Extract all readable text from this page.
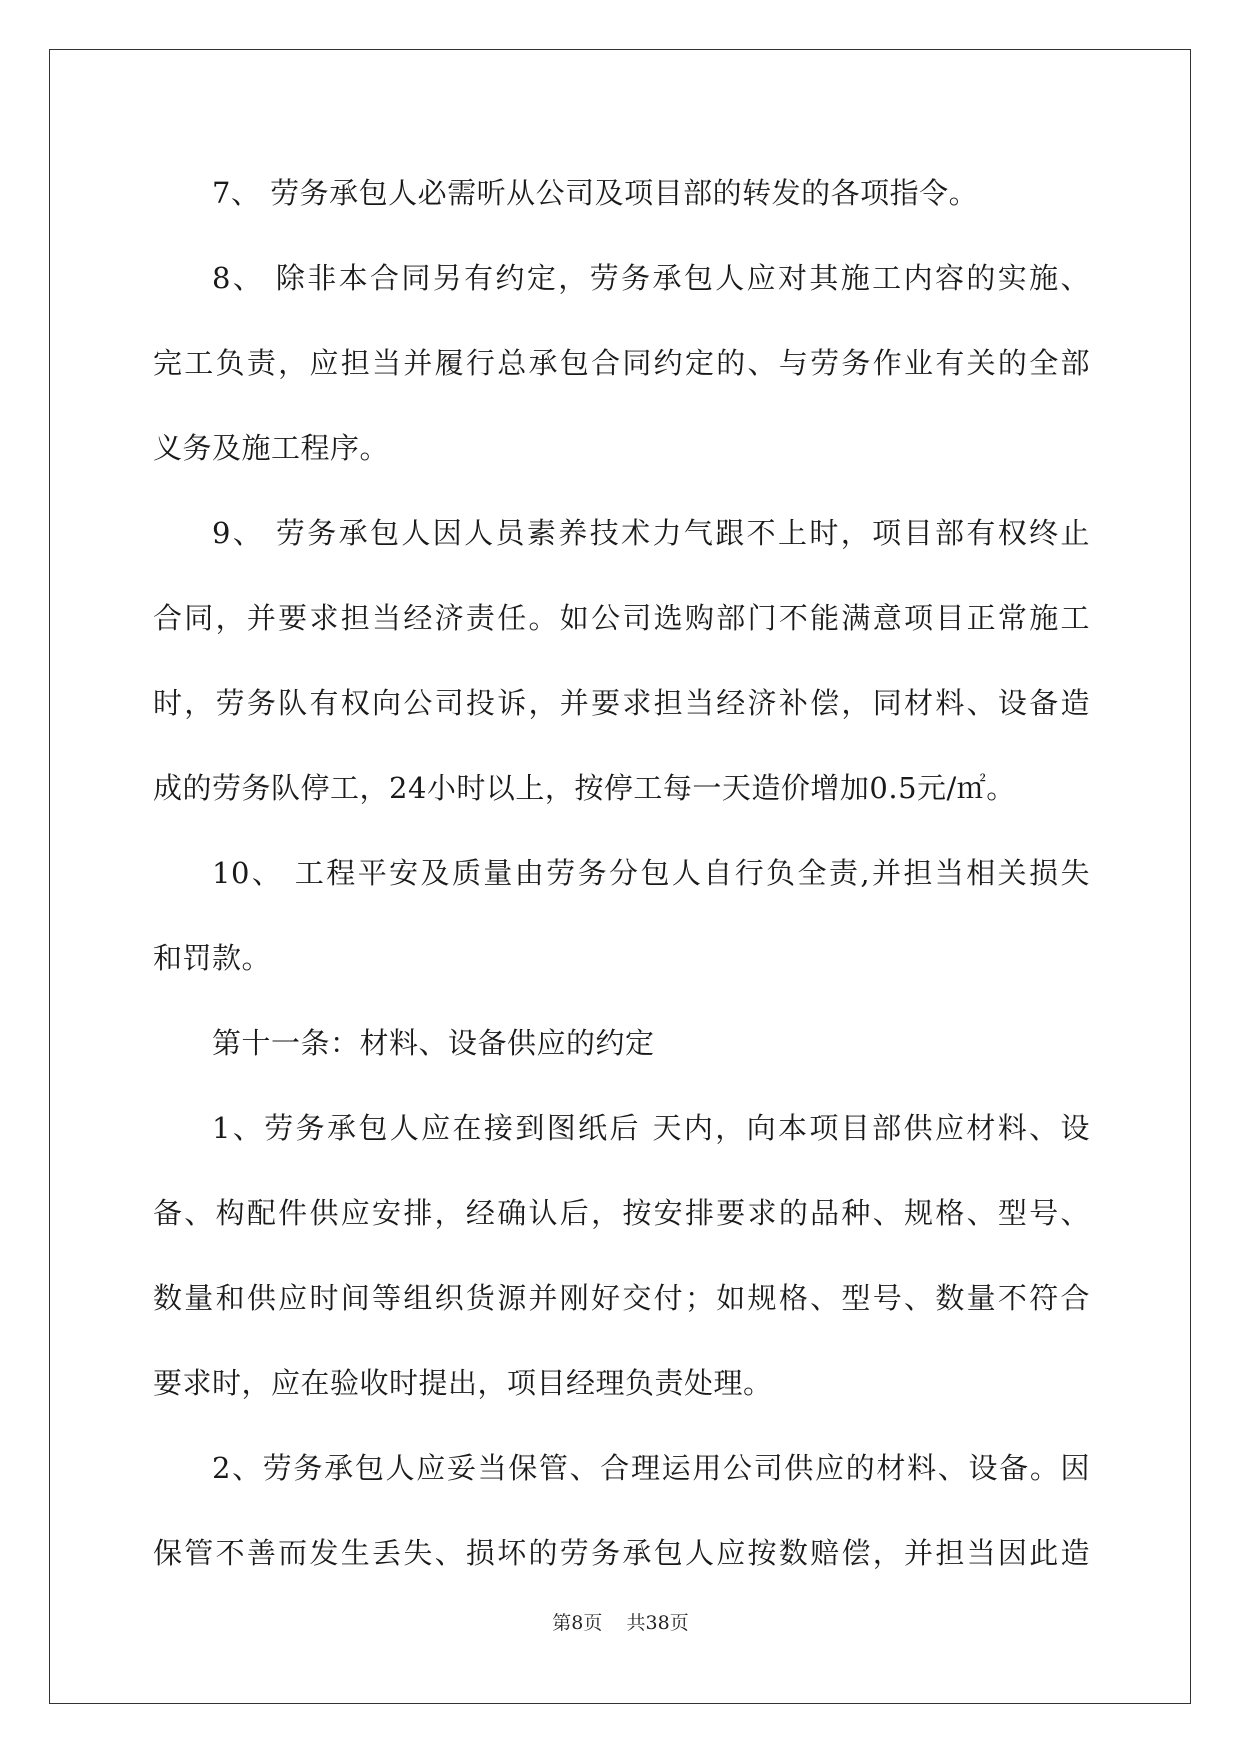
7、 劳务承包人必需听从公司及项目部的转发的各项指令。
8、 除非本合同另有约定，劳务承包人应对其施工内容的实施、
完工负责，应担当并履行总承包合同约定的、与劳务作业有关的全部
义务及施工程序。
9、 劳务承包人因人员素养技术力气跟不上时，项目部有权终止
合同，并要求担当经济责任。如公司选购部门不能满意项目正常施工
时，劳务队有权向公司投诉，并要求担当经济补偿，同材料、设备造
成的劳务队停工，24小时以上，按停工每一天造价增加0.5元/㎡。
10、 工程平安及质量由劳务分包人自行负全责,并担当相关损失
和罚款。
第十一条：材料、设备供应的约定
1、劳务承包人应在接到图纸后 天内，向本项目部供应材料、设
备、构配件供应安排，经确认后，按安排要求的品种、规格、型号、
数量和供应时间等组织货源并刚好交付；如规格、型号、数量不符合
要求时，应在验收时提出，项目经理负责处理。
2、劳务承包人应妥当保管、合理运用公司供应的材料、设备。因
保管不善而发生丢失、损坏的劳务承包人应按数赔偿，并担当因此造
第8页 共38页
